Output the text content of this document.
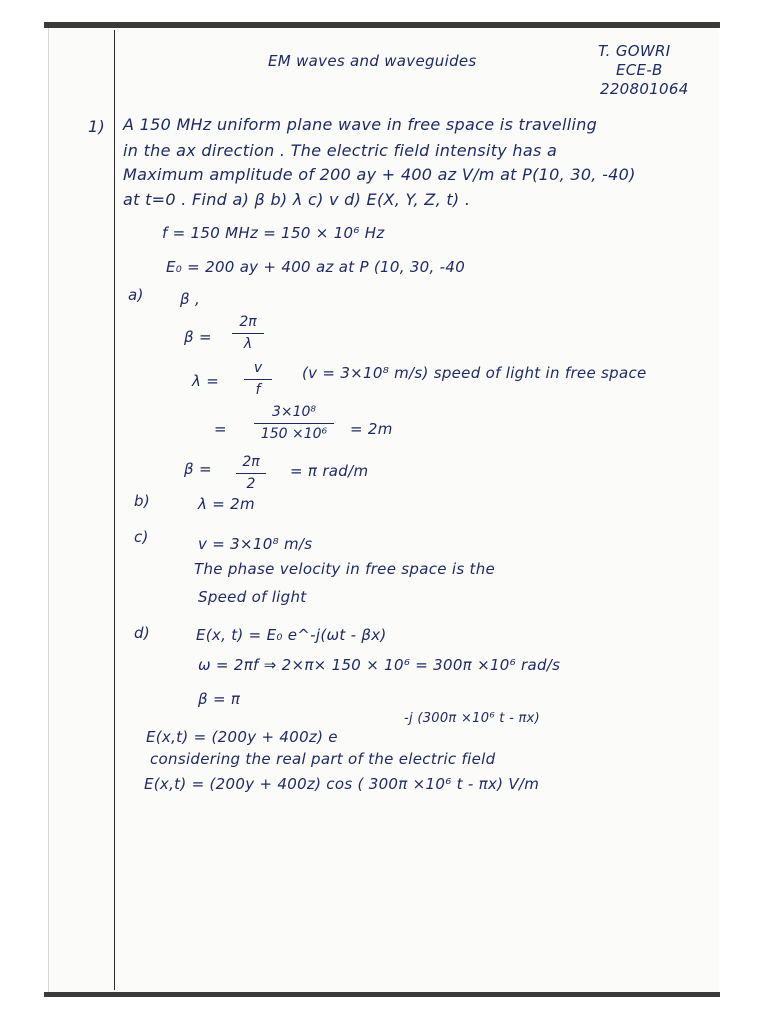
EM waves and waveguides
T. GOWRI
ECE-B
220801064
1) A 150 MHz uniform plane wave in free space is travelling
in the ax direction . The electric field intensity has a
Maximum amplitude of 200 ay + 400 az V/m at P(10, 30, -40)
at t=0 . Find a) β b) λ c) v d) E(X, Y, Z, t) .
f = 150 MHz = 150 × 10⁶ Hz
E₀ = 200 ay + 400 az at P (10, 30, -40
a) β ,
β =
2π
λ
λ =
v
f
(v = 3×10⁸ m/s) speed of light in free space
=
3×10⁸
150 ×10⁶ = 2m
β = 2π
2
= π rad/m
b)	λ = 2m
c)	v = 3×10⁸ m/s
The phase velocity in free space is the
Speed of light
d)	E(x, t) = E₀ e^-j(ωt - βx)
ω = 2πf ⇒ 2×π× 150 × 10⁶ = 300π ×10⁶ rad/s
β = π
-j (300π ×10⁶ t - πx)
E(x,t) = (200y + 400z) e
considering the real part of the electric field
E(x,t) = (200y + 400z) cos ( 300π ×10⁶ t - πx) V/m
